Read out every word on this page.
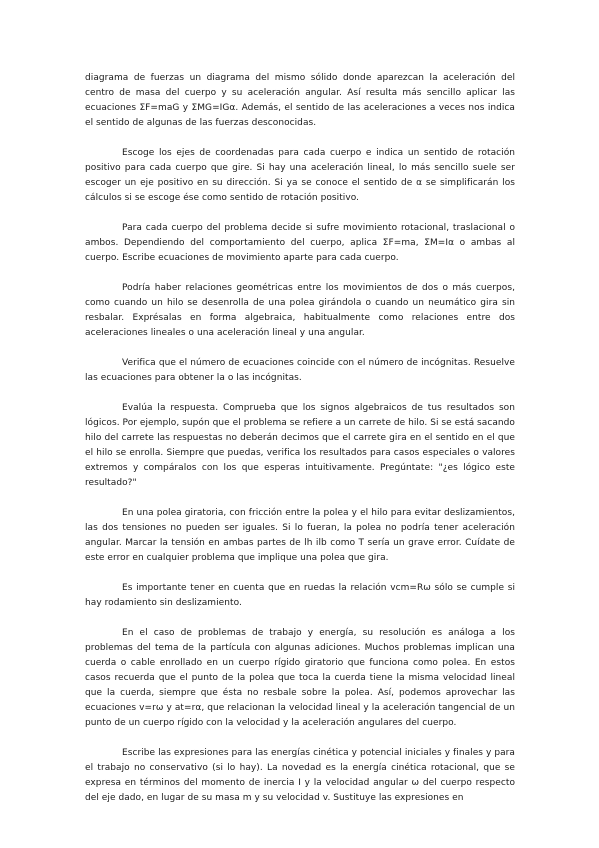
diagrama de fuerzas un diagrama del mismo sólido donde aparezcan la aceleración del centro de masa del cuerpo y su aceleración angular. Así resulta más sencillo aplicar las ecuaciones ΣF=maG y ΣMG=IGα. Además, el sentido de las aceleraciones a veces nos indica el sentido de algunas de las fuerzas desconocidas.

Escoge los ejes de coordenadas para cada cuerpo e indica un sentido de rotación positivo para cada cuerpo que gire. Si hay una aceleración lineal, lo más sencillo suele ser escoger un eje positivo en su dirección. Si ya se conoce el sentido de α se simplificarán los cálculos si se escoge ése como sentido de rotación positivo.

Para cada cuerpo del problema decide si sufre movimiento rotacional, traslacional o ambos. Dependiendo del comportamiento del cuerpo, aplica ΣF=ma, ΣM=Iα o ambas al cuerpo. Escribe ecuaciones de movimiento aparte para cada cuerpo.

Podría haber relaciones geométricas entre los movimientos de dos o más cuerpos, como cuando un hilo se desenrolla de una polea girándola o cuando un neumático gira sin resbalar. Exprésalas en forma algebraica, habitualmente como relaciones entre dos aceleraciones lineales o una aceleración lineal y una angular.

Verifica que el número de ecuaciones coincide con el número de incógnitas. Resuelve las ecuaciones para obtener la o las incógnitas.

Evalúa la respuesta. Comprueba que los signos algebraicos de tus resultados son lógicos. Por ejemplo, supón que el problema se refiere a un carrete de hilo. Si se está sacando hilo del carrete las respuestas no deberán decimos que el carrete gira en el sentido en el que el hilo se enrolla. Siempre que puedas, verifica los resultados para casos especiales o valores extremos y compáralos con los que esperas intuitivamente. Pregúntate: "¿es lógico este resultado?"

En una polea giratoria, con fricción entre la polea y el hilo para evitar deslizamientos, las dos tensiones no pueden ser iguales. Si lo fueran, la polea no podría tener aceleración angular. Marcar la tensión en ambas partes de lh ilb como T sería un grave error. Cuídate de este error en cualquier problema que implique una polea que gira.

Es importante tener en cuenta que en ruedas la relación vcm=Rω sólo se cumple si hay rodamiento sin deslizamiento.

En el caso de problemas de trabajo y energía, su resolución es análoga a los problemas del tema de la partícula con algunas adiciones. Muchos problemas implican una cuerda o cable enrollado en un cuerpo rígido giratorio que funciona como polea. En estos casos recuerda que el punto de la polea que toca la cuerda tiene la misma velocidad lineal que la cuerda, siempre que ésta no resbale sobre la polea. Así, podemos aprovechar las ecuaciones v=rω y at=rα, que relacionan la velocidad lineal y la aceleración tangencial de un punto de un cuerpo rígido con la velocidad y la aceleración angulares del cuerpo.

Escribe las expresiones para las energías cinética y potencial iniciales y finales y para el trabajo no conservativo (si lo hay). La novedad es la energía cinética rotacional, que se expresa en términos del momento de inercia I y la velocidad angular ω del cuerpo respecto del eje dado, en lugar de su masa m y su velocidad v. Sustituye las expresiones en
